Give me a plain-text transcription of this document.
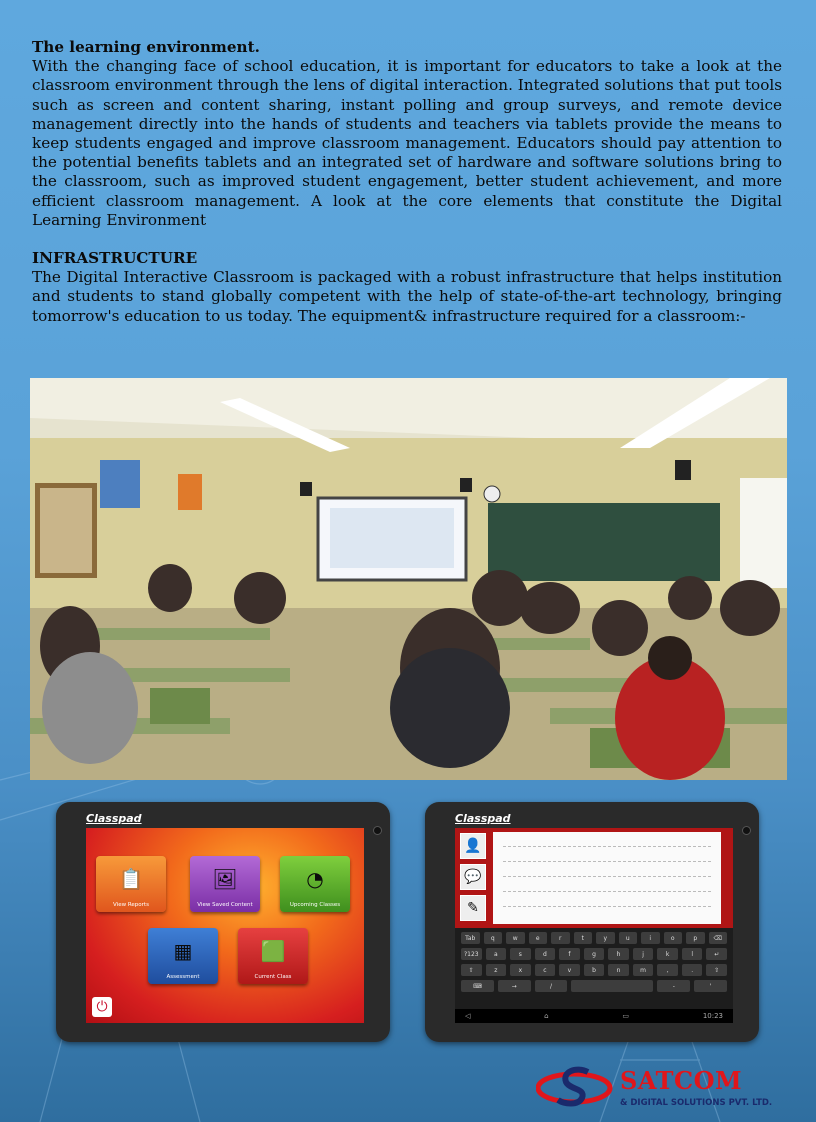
The learning environment.

With the changing face of school education, it is important for educators to take a look at the classroom environment through the lens of digital interaction. Integrated solutions that put tools such as screen and content sharing, instant polling and group surveys, and remote device management directly into the hands of students and teachers via tablets provide the means to keep students engaged and improve classroom management. Educators should pay attention to the potential benefits tablets and an integrated set of hardware and software solutions bring to the classroom, such as improved student engagement, better student achievement, and more efficient classroom management. A look at the core elements that constitute the Digital Learning Environment

INFRASTRUCTURE

The Digital Interactive Classroom is packaged with a robust infrastructure that helps institution and students to stand globally competent with the help of state-of-the-art technology, bringing tomorrow's education to us today. The equipment& infrastructure required for a classroom:-

Classpad
📋
View Reports
🖼
View Saved Content
◔
Upcoming Classes
▦
Assessment
🟩
Current Class
⏻
Classpad
👤
💬
✎
Tab	q	w	e	r	t	y	u	i	o	p	⌫
?123	a	s	d	f	g	h	j	k	l	↵
⇧	z	x	c	v	b	n	m	,	.	⇧
⌨	→	/	-	'
◁	⌂	▭	10:23
SATCOM
& DIGITAL SOLUTIONS PVT. LTD.
